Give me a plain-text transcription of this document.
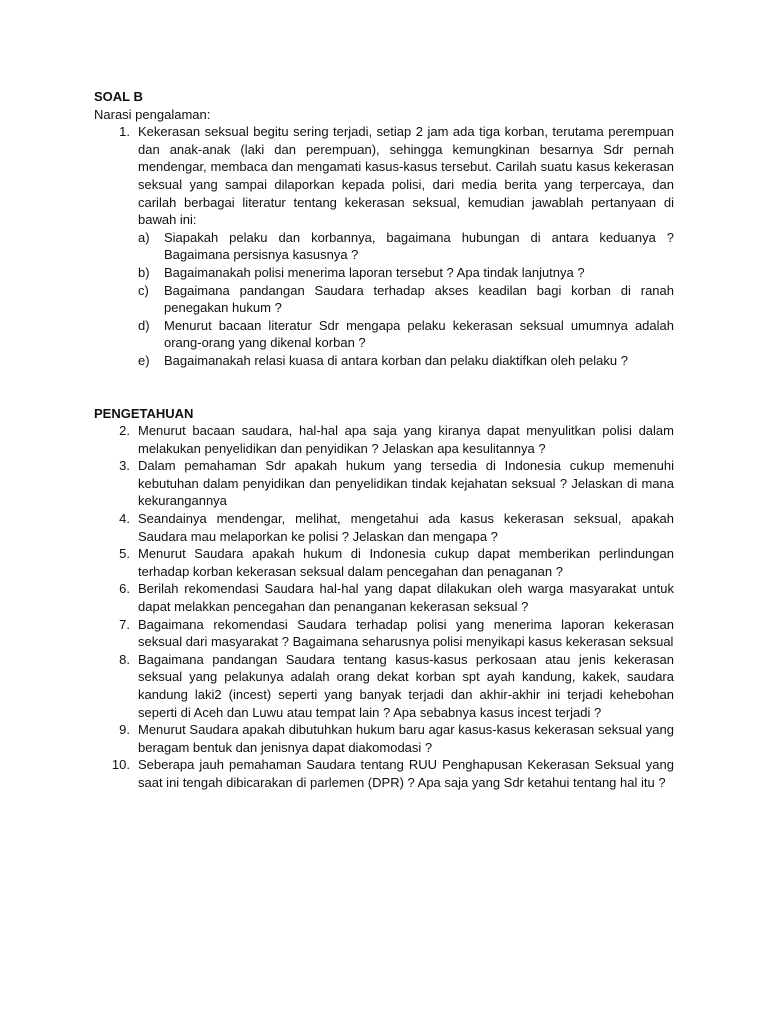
SOAL B
Narasi pengalaman:
1. Kekerasan seksual begitu sering terjadi, setiap 2 jam ada tiga korban, terutama perempuan dan anak-anak (laki dan perempuan), sehingga kemungkinan besarnya Sdr pernah mendengar, membaca dan mengamati kasus-kasus tersebut. Carilah suatu kasus kekerasan seksual yang sampai dilaporkan kepada polisi, dari media berita yang terpercaya, dan carilah berbagai literatur tentang kekerasan seksual, kemudian jawablah pertanyaan di bawah ini:
a) Siapakah pelaku dan korbannya, bagaimana hubungan di antara keduanya ? Bagaimana persisnya kasusnya ?
b) Bagaimanakah polisi menerima laporan tersebut ? Apa tindak lanjutnya ?
c) Bagaimana pandangan Saudara terhadap akses keadilan bagi korban di ranah penegakan hukum ?
d) Menurut bacaan literatur Sdr mengapa pelaku kekerasan seksual umumnya adalah orang-orang yang dikenal korban ?
e) Bagaimanakah relasi kuasa di antara korban dan pelaku diaktifkan oleh pelaku ?
PENGETAHUAN
2. Menurut bacaan saudara, hal-hal apa saja yang kiranya dapat menyulitkan polisi dalam melakukan penyelidikan dan penyidikan ? Jelaskan apa kesulitannya ?
3. Dalam pemahaman Sdr apakah hukum yang tersedia di Indonesia cukup memenuhi kebutuhan dalam penyidikan dan penyelidikan tindak kejahatan seksual ? Jelaskan di mana kekurangannya
4. Seandainya mendengar, melihat, mengetahui ada kasus kekerasan seksual, apakah Saudara mau melaporkan ke polisi ? Jelaskan dan mengapa ?
5. Menurut Saudara apakah hukum di Indonesia cukup dapat memberikan perlindungan terhadap korban kekerasan seksual dalam pencegahan dan penaganan ?
6. Berilah rekomendasi Saudara hal-hal yang dapat dilakukan oleh warga masyarakat untuk dapat melakkan pencegahan dan penanganan kekerasan seksual ?
7. Bagaimana rekomendasi Saudara terhadap polisi yang menerima laporan kekerasan seksual dari masyarakat ? Bagaimana seharusnya polisi menyikapi kasus kekerasan seksual
8. Bagaimana pandangan Saudara tentang kasus-kasus perkosaan atau jenis kekerasan seksual yang pelakunya adalah orang dekat korban spt ayah kandung, kakek, saudara kandung laki2 (incest) seperti yang banyak terjadi dan akhir-akhir ini terjadi kehebohan seperti di Aceh dan Luwu atau tempat lain ? Apa sebabnya kasus incest terjadi ?
9. Menurut Saudara apakah dibutuhkan hukum baru agar kasus-kasus kekerasan seksual yang beragam bentuk dan jenisnya dapat diakomodasi ?
10. Seberapa jauh pemahaman Saudara tentang RUU Penghapusan Kekerasan Seksual yang saat ini tengah dibicarakan di parlemen (DPR) ? Apa saja yang Sdr ketahui tentang hal itu ?
